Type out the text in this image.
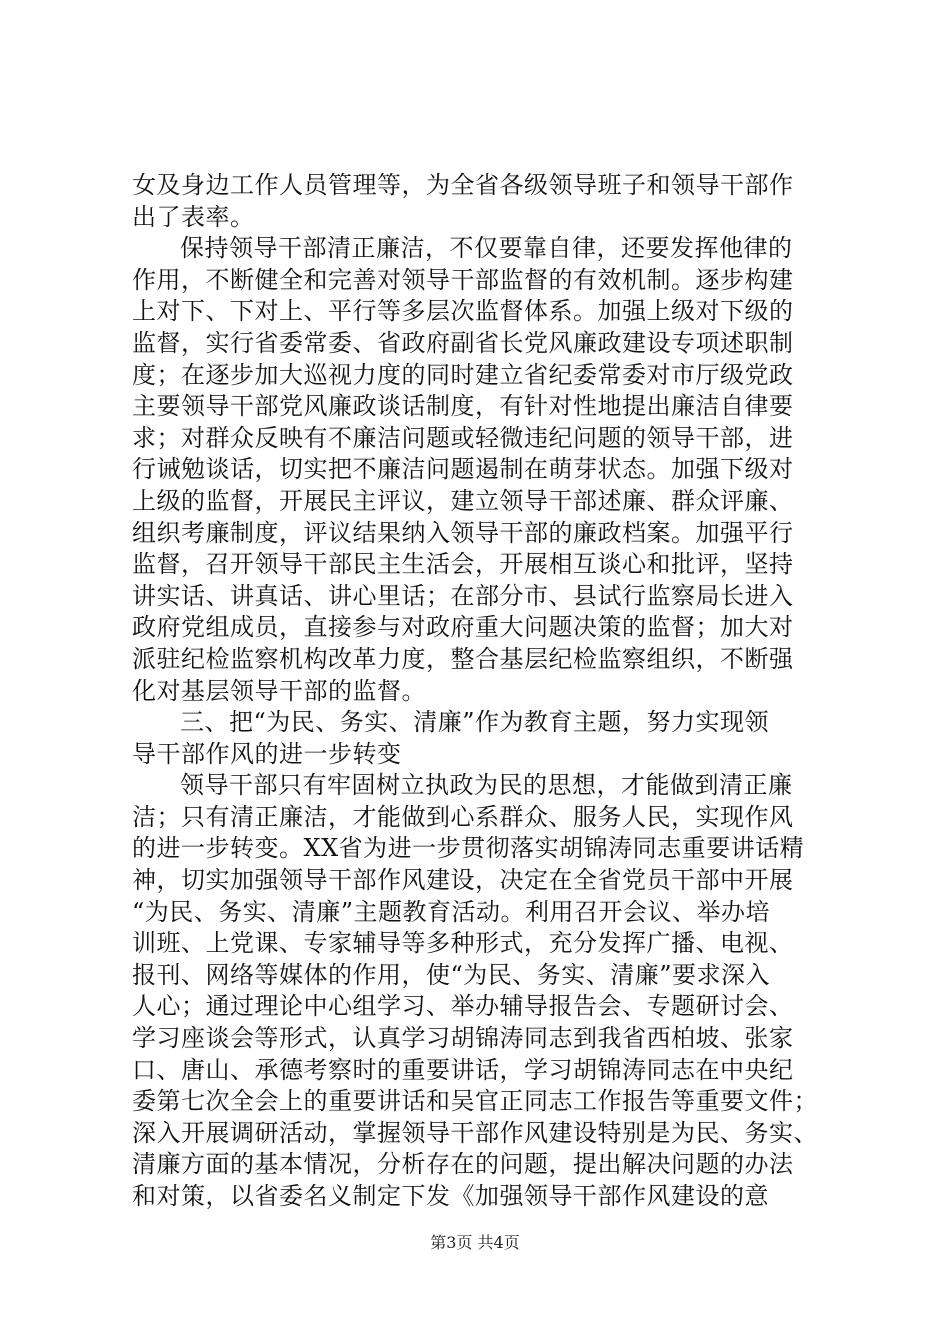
女及身边工作人员管理等，为全省各级领导班子和领导干部作
出了表率。
保持领导干部清正廉洁，不仅要靠自律，还要发挥他律的
作用，不断健全和完善对领导干部监督的有效机制。逐步构建
上对下、下对上、平行等多层次监督体系。加强上级对下级的
监督，实行省委常委、省政府副省长党风廉政建设专项述职制
度；在逐步加大巡视力度的同时建立省纪委常委对市厅级党政
主要领导干部党风廉政谈话制度，有针对性地提出廉洁自律要
求；对群众反映有不廉洁问题或轻微违纪问题的领导干部，进
行诫勉谈话，切实把不廉洁问题遏制在萌芽状态。加强下级对
上级的监督，开展民主评议，建立领导干部述廉、群众评廉、
组织考廉制度，评议结果纳入领导干部的廉政档案。加强平行
监督，召开领导干部民主生活会，开展相互谈心和批评，坚持
讲实话、讲真话、讲心里话；在部分市、县试行监察局长进入
政府党组成员，直接参与对政府重大问题决策的监督；加大对
派驻纪检监察机构改革力度，整合基层纪检监察组织，不断强
化对基层领导干部的监督。
三、把“为民、务实、清廉”作为教育主题，努力实现领
导干部作风的进一步转变
领导干部只有牢固树立执政为民的思想，才能做到清正廉
洁；只有清正廉洁，才能做到心系群众、服务人民，实现作风
的进一步转变。XX省为进一步贯彻落实胡锦涛同志重要讲话精
神，切实加强领导干部作风建设，决定在全省党员干部中开展
“为民、务实、清廉”主题教育活动。利用召开会议、举办培
训班、上党课、专家辅导等多种形式，充分发挥广播、电视、
报刊、网络等媒体的作用，使“为民、务实、清廉”要求深入
人心；通过理论中心组学习、举办辅导报告会、专题研讨会、
学习座谈会等形式，认真学习胡锦涛同志到我省西柏坡、张家
口、唐山、承德考察时的重要讲话，学习胡锦涛同志在中央纪
委第七次全会上的重要讲话和吴官正同志工作报告等重要文件；
深入开展调研活动，掌握领导干部作风建设特别是为民、务实、
清廉方面的基本情况，分析存在的问题，提出解决问题的办法
和对策，以省委名义制定下发《加强领导干部作风建设的意
第3页 共4页
